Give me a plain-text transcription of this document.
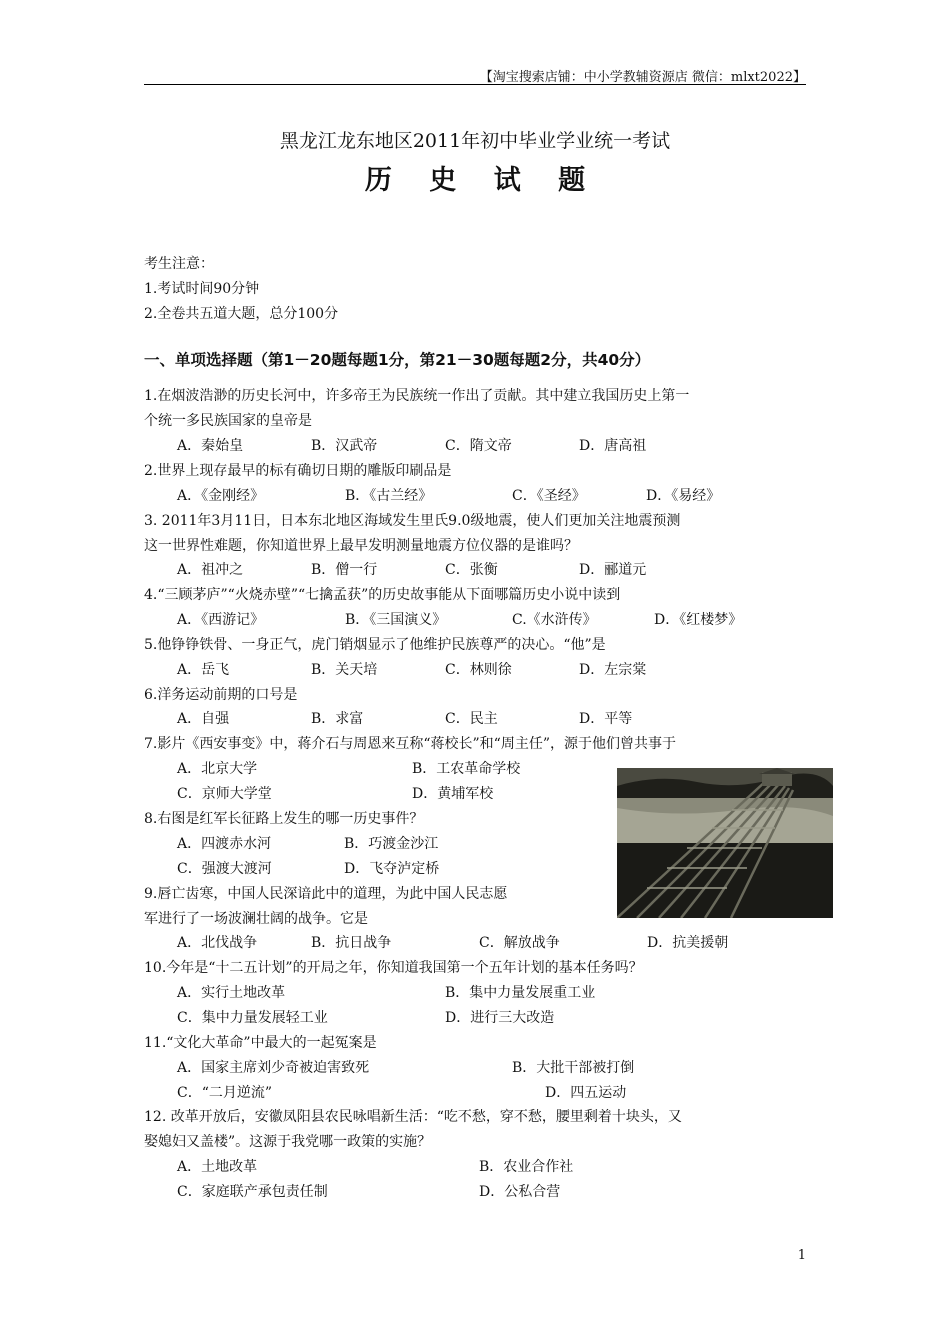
【淘宝搜索店铺：中小学教辅资源店 微信：mlxt2022】
黑龙江龙东地区2011年初中毕业学业统一考试
历 史 试 题
考生注意：
1.考试时间90分钟
2.全卷共五道大题，总分100分
一、单项选择题（第1－20题每题1分，第21－30题每题2分，共40分）
1.在烟波浩渺的历史长河中，许多帝王为民族统一作出了贡献。其中建立我国历史上第一
个统一多民族国家的皇帝是
A．秦始皇	B．汉武帝	C．隋文帝	D．唐高祖
2.世界上现存最早的标有确切日期的雕版印刷品是
A．《金刚经》	B．《古兰经》	C．《圣经》	D．《易经》
3. 2011年3月11日，日本东北地区海域发生里氏9.0级地震，使人们更加关注地震预测
这一世界性难题，你知道世界上最早发明测量地震方位仪器的是谁吗？
A．祖冲之	B．僧一行	C．张衡	D．郦道元
4.“三顾茅庐”“火烧赤壁”“七擒孟获”的历史故事能从下面哪篇历史小说中读到
A．《西游记》	B．《三国演义》	C.《水浒传》	D．《红楼梦》
5.他铮铮铁骨、一身正气，虎门销烟显示了他维护民族尊严的决心。“他”是
A．岳飞	B．关天培	C．林则徐	D．左宗棠
6.洋务运动前期的口号是
A．自强	B．求富	C．民主	D．平等
7.影片《西安事变》中，蒋介石与周恩来互称“蒋校长”和“周主任”，源于他们曾共事于
A．北京大学	B．工农革命学校
C．京师大学堂	D．黄埔军校
8.右图是红军长征路上发生的哪一历史事件？
A．四渡赤水河	B．巧渡金沙江
C．强渡大渡河	D．飞夺泸定桥
9.唇亡齿寒，中国人民深谙此中的道理，为此中国人民志愿
军进行了一场波澜壮阔的战争。它是
A．北伐战争	B．抗日战争	C．解放战争	D．抗美援朝
10.今年是“十二五计划”的开局之年，你知道我国第一个五年计划的基本任务吗？
A．实行土地改革	B．集中力量发展重工业
C．集中力量发展轻工业	D．进行三大改造
11.“文化大革命”中最大的一起冤案是
A．国家主席刘少奇被迫害致死	B．大批干部被打倒
C．“二月逆流”	D．四五运动
12. 改革开放后，安徽凤阳县农民咏唱新生活：“吃不愁，穿不愁，腰里剩着十块头，又
娶媳妇又盖楼”。这源于我党哪一政策的实施？
A．土地改革	B．农业合作社
C．家庭联产承包责任制	D．公私合营
1
